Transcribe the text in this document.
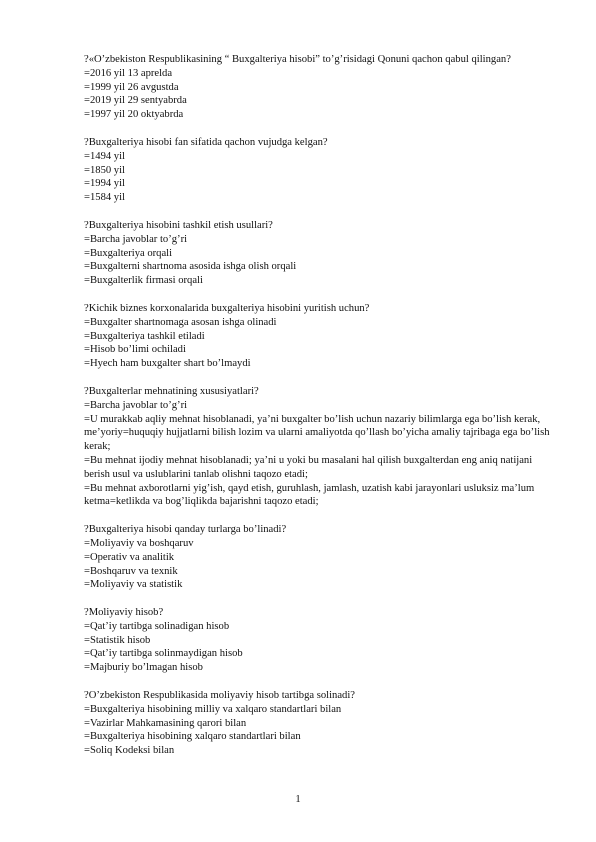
?«O’zbekiston Respublikasining “ Buxgalteriya hisobi” to’g’risidagi Qonuni qachon qabul qilingan?
=2016 yil 13 aprelda
=1999 yil 26 avgustda
=2019 yil 29 sentyabrda
=1997 yil 20 oktyabrda
?Buxgalteriya hisobi fan sifatida qachon vujudga kelgan?
=1494 yil
=1850 yil
=1994 yil
=1584 yil
?Buxgalteriya hisobini tashkil etish usullari?
=Barcha javoblar to’g’ri
=Buxgalteriya orqali
=Buxgalterni shartnoma asosida ishga olish orqali
=Buxgalterlik firmasi orqali
?Kichik biznes korxonalarida buxgalteriya hisobini yuritish uchun?
=Buxgalter shartnomaga asosan ishga olinadi
=Buxgalteriya tashkil etiladi
=Hisob bo’limi ochiladi
=Hyech ham buxgalter shart bo’lmaydi
?Buxgalterlar mehnatining xususiyatlari?
=Barcha javoblar to’g’ri
=U murakkab aqliy mehnat hisoblanadi, ya’ni buxgalter bo’lish uchun nazariy bilimlarga ega bo’lish kerak, me’yoriy=huquqiy hujjatlarni bilish lozim va ularni amaliyotda qo’llash bo’yicha amaliy tajribaga ega bo’lish kerak;
=Bu mehnat ijodiy mehnat hisoblanadi; ya’ni u yoki bu masalani hal qilish buxgalterdan eng aniq natijani berish usul va uslublarini tanlab olishni taqozo etadi;
=Bu mehnat axborotlarni yig’ish, qayd etish, guruhlash, jamlash, uzatish kabi jarayonlari usluksiz ma’lum ketma=ketlikda va bog’liqlikda bajarishni taqozo etadi;
?Buxgalteriya hisobi qanday turlarga bo’linadi?
=Moliyaviy va boshqaruv
=Operativ va analitik
=Boshqaruv va texnik
=Moliyaviy va statistik
?Moliyaviy hisob?
=Qat’iy tartibga solinadigan hisob
=Statistik hisob
=Qat’iy tartibga solinmaydigan hisob
=Majburiy bo’lmagan hisob
?O’zbekiston Respublikasida moliyaviy hisob tartibga solinadi?
=Buxgalteriya hisobining milliy va xalqaro standartlari bilan
=Vazirlar Mahkamasining qarori bilan
=Buxgalteriya hisobining xalqaro standartlari bilan
=Soliq Kodeksi bilan
1
